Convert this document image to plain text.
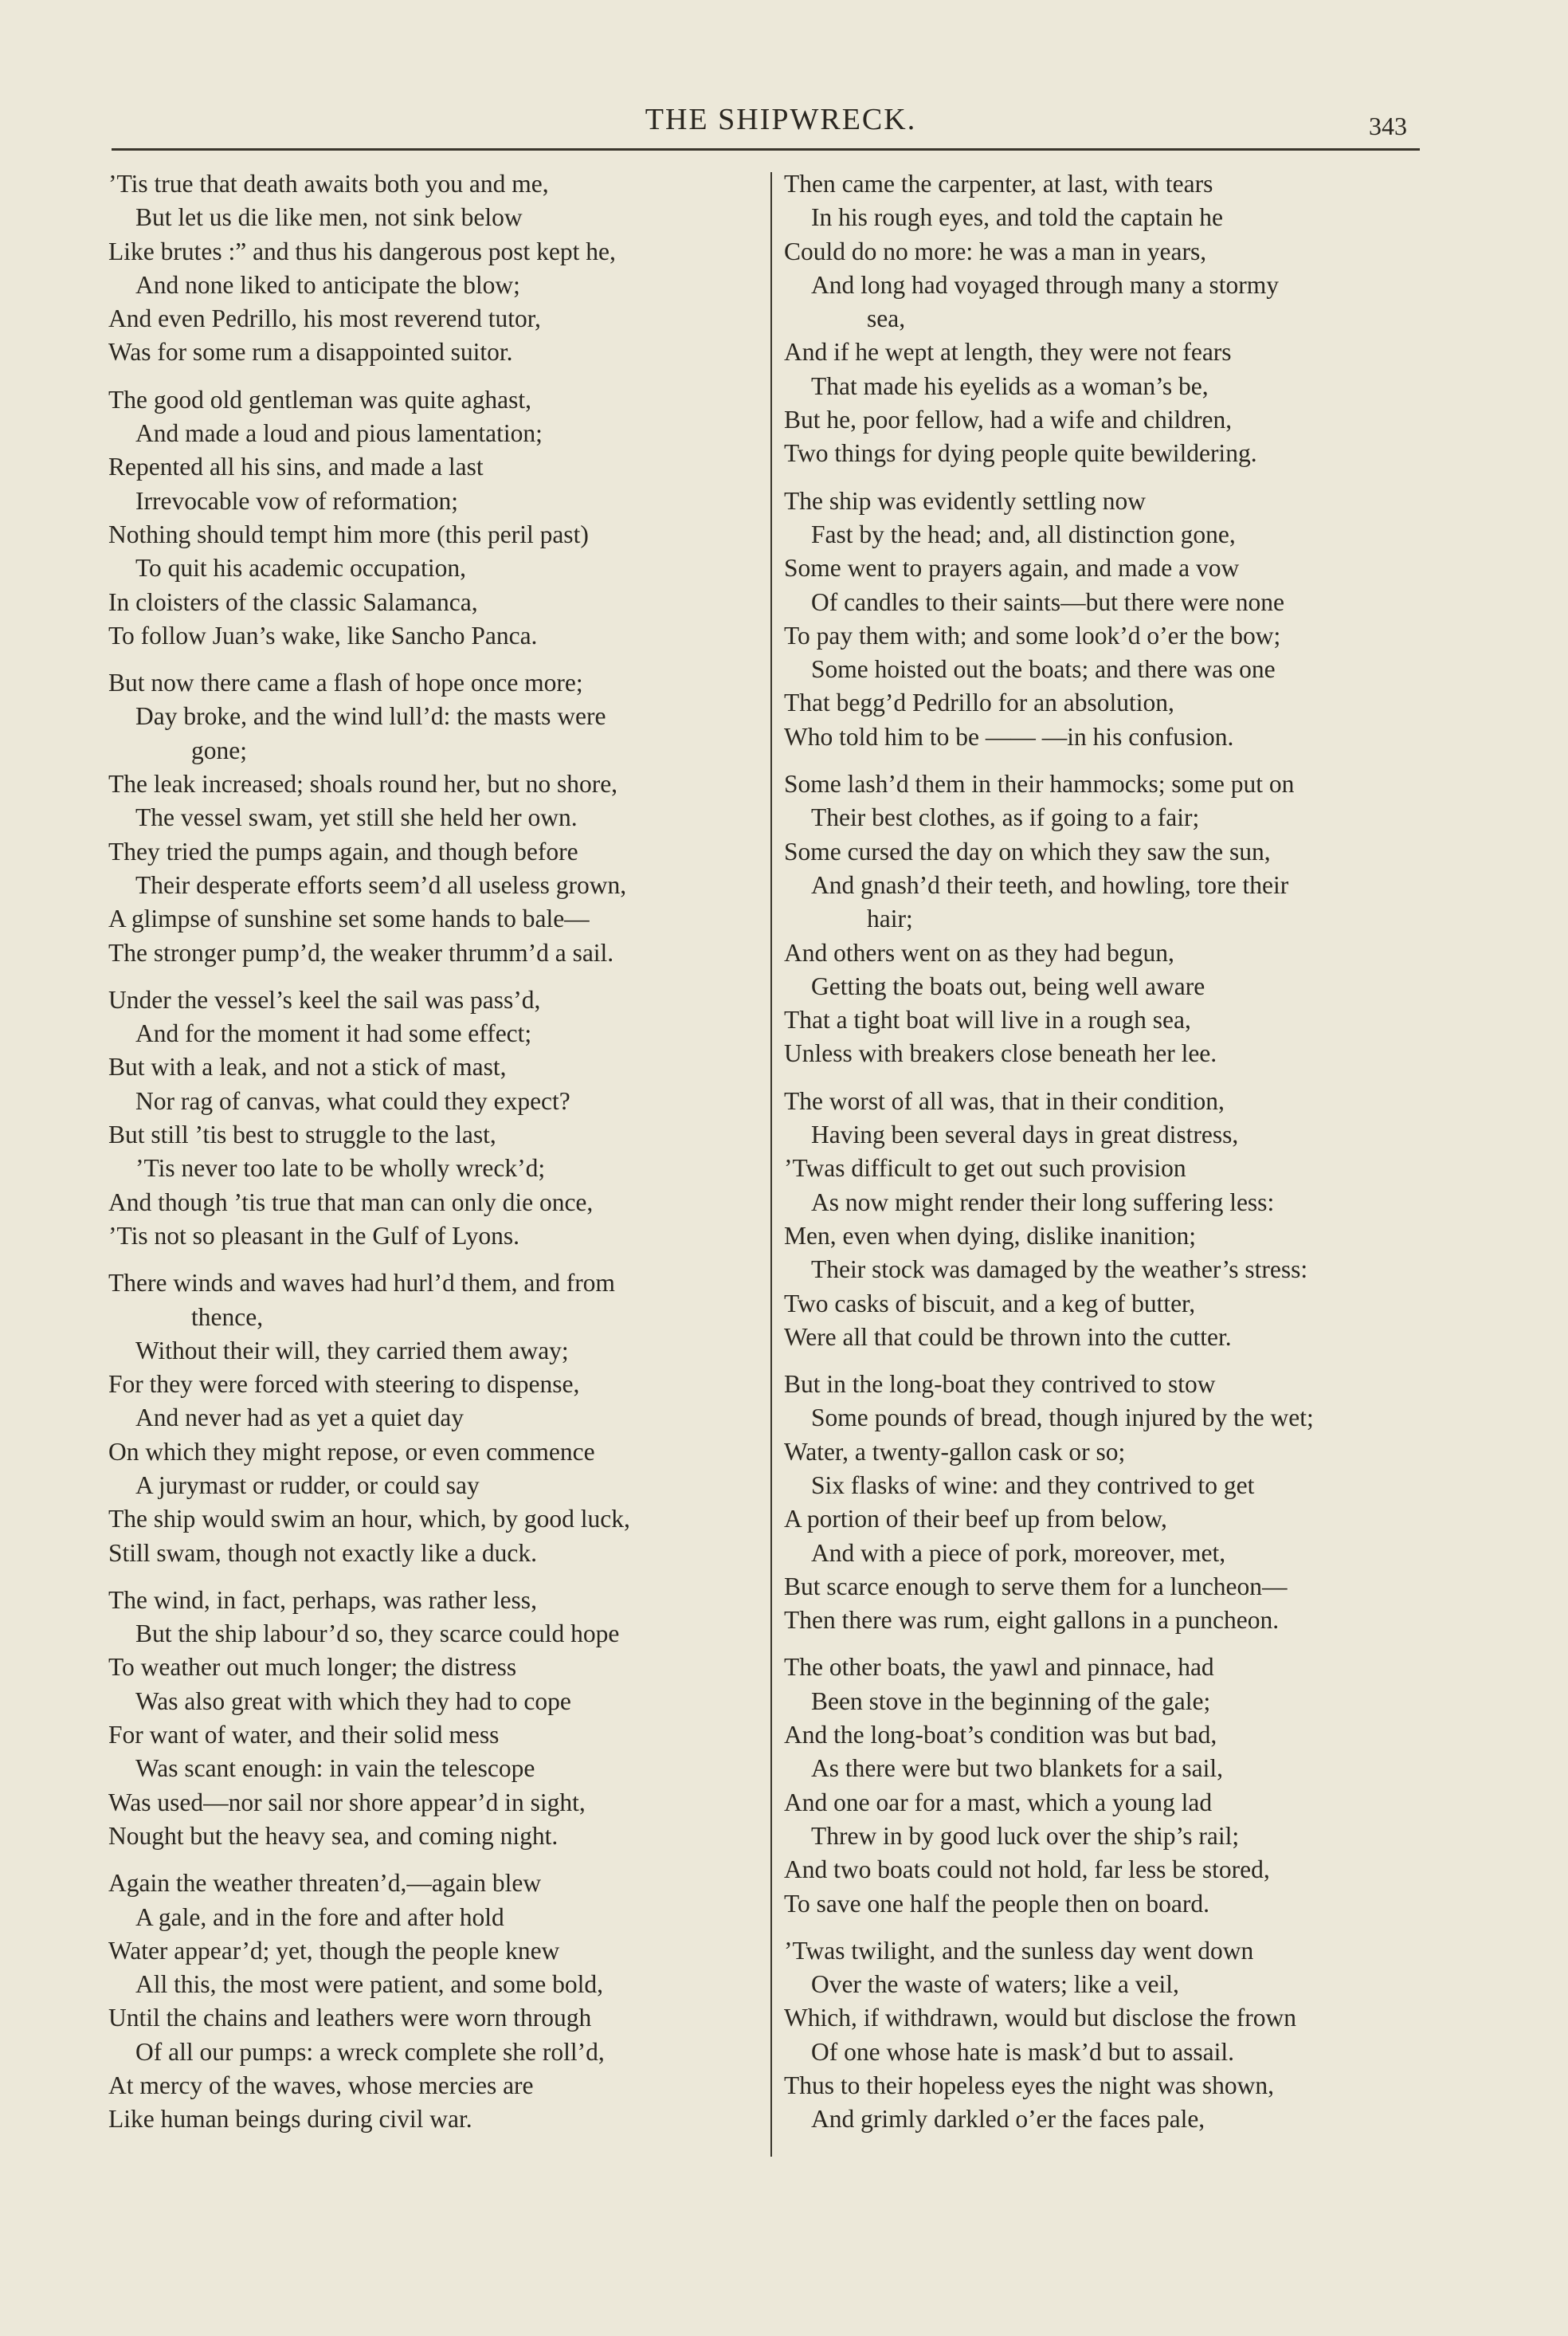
THE SHIPWRECK.	343
’Tis true that death awaits both you and me,
But let us die like men, not sink below
Like brutes :” and thus his dangerous post kept he,
And none liked to anticipate the blow;
And even Pedrillo, his most reverend tutor,
Was for some rum a disappointed suitor.
The good old gentleman was quite aghast,
And made a loud and pious lamentation;
Repented all his sins, and made a last
Irrevocable vow of reformation;
Nothing should tempt him more (this peril past)
To quit his academic occupation,
In cloisters of the classic Salamanca,
To follow Juan’s wake, like Sancho Panca.
But now there came a flash of hope once more;
Day broke, and the wind lull’d: the masts were
gone;
The leak increased; shoals round her, but no shore,
The vessel swam, yet still she held her own.
They tried the pumps again, and though before
Their desperate efforts seem’d all useless grown,
A glimpse of sunshine set some hands to bale—
The stronger pump’d, the weaker thrumm’d a sail.
Under the vessel’s keel the sail was pass’d,
And for the moment it had some effect;
But with a leak, and not a stick of mast,
Nor rag of canvas, what could they expect?
But still ’tis best to struggle to the last,
’Tis never too late to be wholly wreck’d;
And though ’tis true that man can only die once,
’Tis not so pleasant in the Gulf of Lyons.
There winds and waves had hurl’d them, and from
thence,
Without their will, they carried them away;
For they were forced with steering to dispense,
And never had as yet a quiet day
On which they might repose, or even commence
A jurymast or rudder, or could say
The ship would swim an hour, which, by good luck,
Still swam, though not exactly like a duck.
The wind, in fact, perhaps, was rather less,
But the ship labour’d so, they scarce could hope
To weather out much longer; the distress
Was also great with which they had to cope
For want of water, and their solid mess
Was scant enough: in vain the telescope
Was used—nor sail nor shore appear’d in sight,
Nought but the heavy sea, and coming night.
Again the weather threaten’d,—again blew
A gale, and in the fore and after hold
Water appear’d; yet, though the people knew
All this, the most were patient, and some bold,
Until the chains and leathers were worn through
Of all our pumps: a wreck complete she roll’d,
At mercy of the waves, whose mercies are
Like human beings during civil war.
Then came the carpenter, at last, with tears
In his rough eyes, and told the captain he
Could do no more: he was a man in years,
And long had voyaged through many a stormy
sea,
And if he wept at length, they were not fears
That made his eyelids as a woman’s be,
But he, poor fellow, had a wife and children,
Two things for dying people quite bewildering.
The ship was evidently settling now
Fast by the head; and, all distinction gone,
Some went to prayers again, and made a vow
Of candles to their saints—but there were none
To pay them with; and some look’d o’er the bow;
Some hoisted out the boats; and there was one
That begg’d Pedrillo for an absolution,
Who told him to be —— —in his confusion.
Some lash’d them in their hammocks; some put on
Their best clothes, as if going to a fair;
Some cursed the day on which they saw the sun,
And gnash’d their teeth, and howling, tore their
hair;
And others went on as they had begun,
Getting the boats out, being well aware
That a tight boat will live in a rough sea,
Unless with breakers close beneath her lee.
The worst of all was, that in their condition,
Having been several days in great distress,
’Twas difficult to get out such provision
As now might render their long suffering less:
Men, even when dying, dislike inanition;
Their stock was damaged by the weather’s stress:
Two casks of biscuit, and a keg of butter,
Were all that could be thrown into the cutter.
But in the long-boat they contrived to stow
Some pounds of bread, though injured by the wet;
Water, a twenty-gallon cask or so;
Six flasks of wine: and they contrived to get
A portion of their beef up from below,
And with a piece of pork, moreover, met,
But scarce enough to serve them for a luncheon—
Then there was rum, eight gallons in a puncheon.
The other boats, the yawl and pinnace, had
Been stove in the beginning of the gale;
And the long-boat’s condition was but bad,
As there were but two blankets for a sail,
And one oar for a mast, which a young lad
Threw in by good luck over the ship’s rail;
And two boats could not hold, far less be stored,
To save one half the people then on board.
’Twas twilight, and the sunless day went down
Over the waste of waters; like a veil,
Which, if withdrawn, would but disclose the frown
Of one whose hate is mask’d but to assail.
Thus to their hopeless eyes the night was shown,
And grimly darkled o’er the faces pale,
